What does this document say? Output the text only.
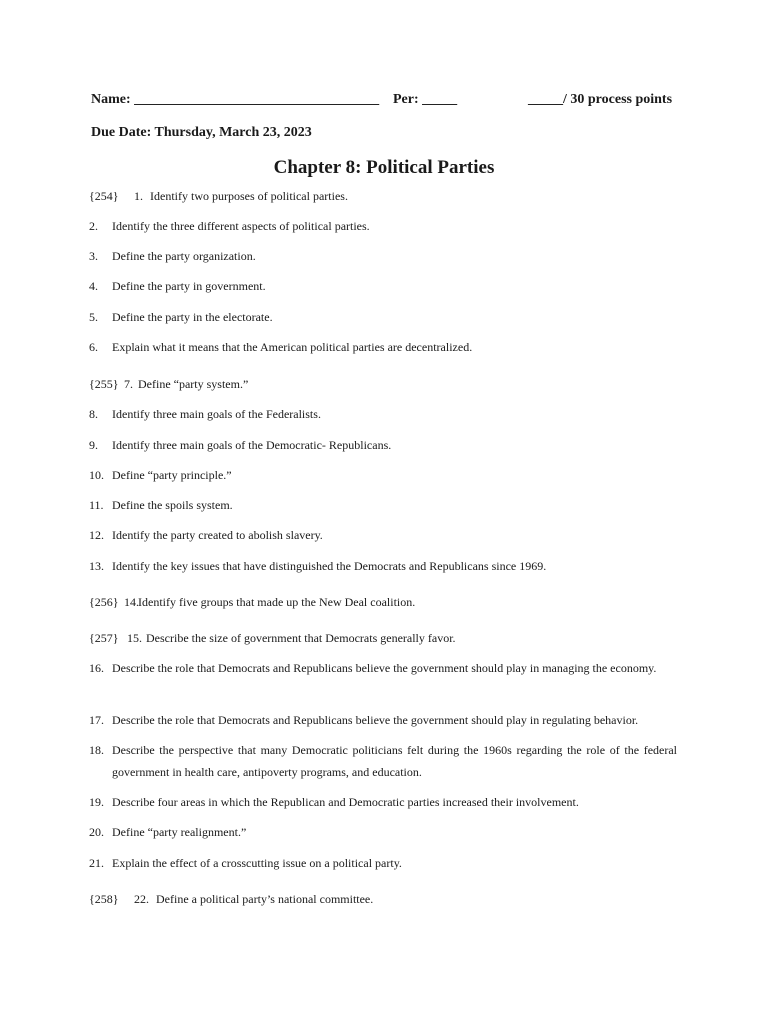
Name: ___________________________________ Per: _____	_____/ 30 process points
Due Date: Thursday, March 23, 2023
Chapter 8: Political Parties
{254} 1. Identify two purposes of political parties.
2. Identify the three different aspects of political parties.
3. Define the party organization.
4. Define the party in government.
5. Define the party in the electorate.
6. Explain what it means that the American political parties are decentralized.
{255} 7. Define “party system.”
8. Identify three main goals of the Federalists.
9. Identify three main goals of the Democratic- Republicans.
10. Define “party principle.”
11. Define the spoils system.
12. Identify the party created to abolish slavery.
13. Identify the key issues that have distinguished the Democrats and Republicans since 1969.
{256} 14.Identify five groups that made up the New Deal coalition.
{257} 15. Describe the size of government that Democrats generally favor.
16. Describe the role that Democrats and Republicans believe the government should play in managing the economy.
17. Describe the role that Democrats and Republicans believe the government should play in regulating behavior.
18. Describe the perspective that many Democratic politicians felt during the 1960s regarding the role of the federal government in health care, antipoverty programs, and education.
19. Describe four areas in which the Republican and Democratic parties increased their involvement.
20. Define “party realignment.”
21. Explain the effect of a crosscutting issue on a political party.
{258} 22. Define a political party’s national committee.
